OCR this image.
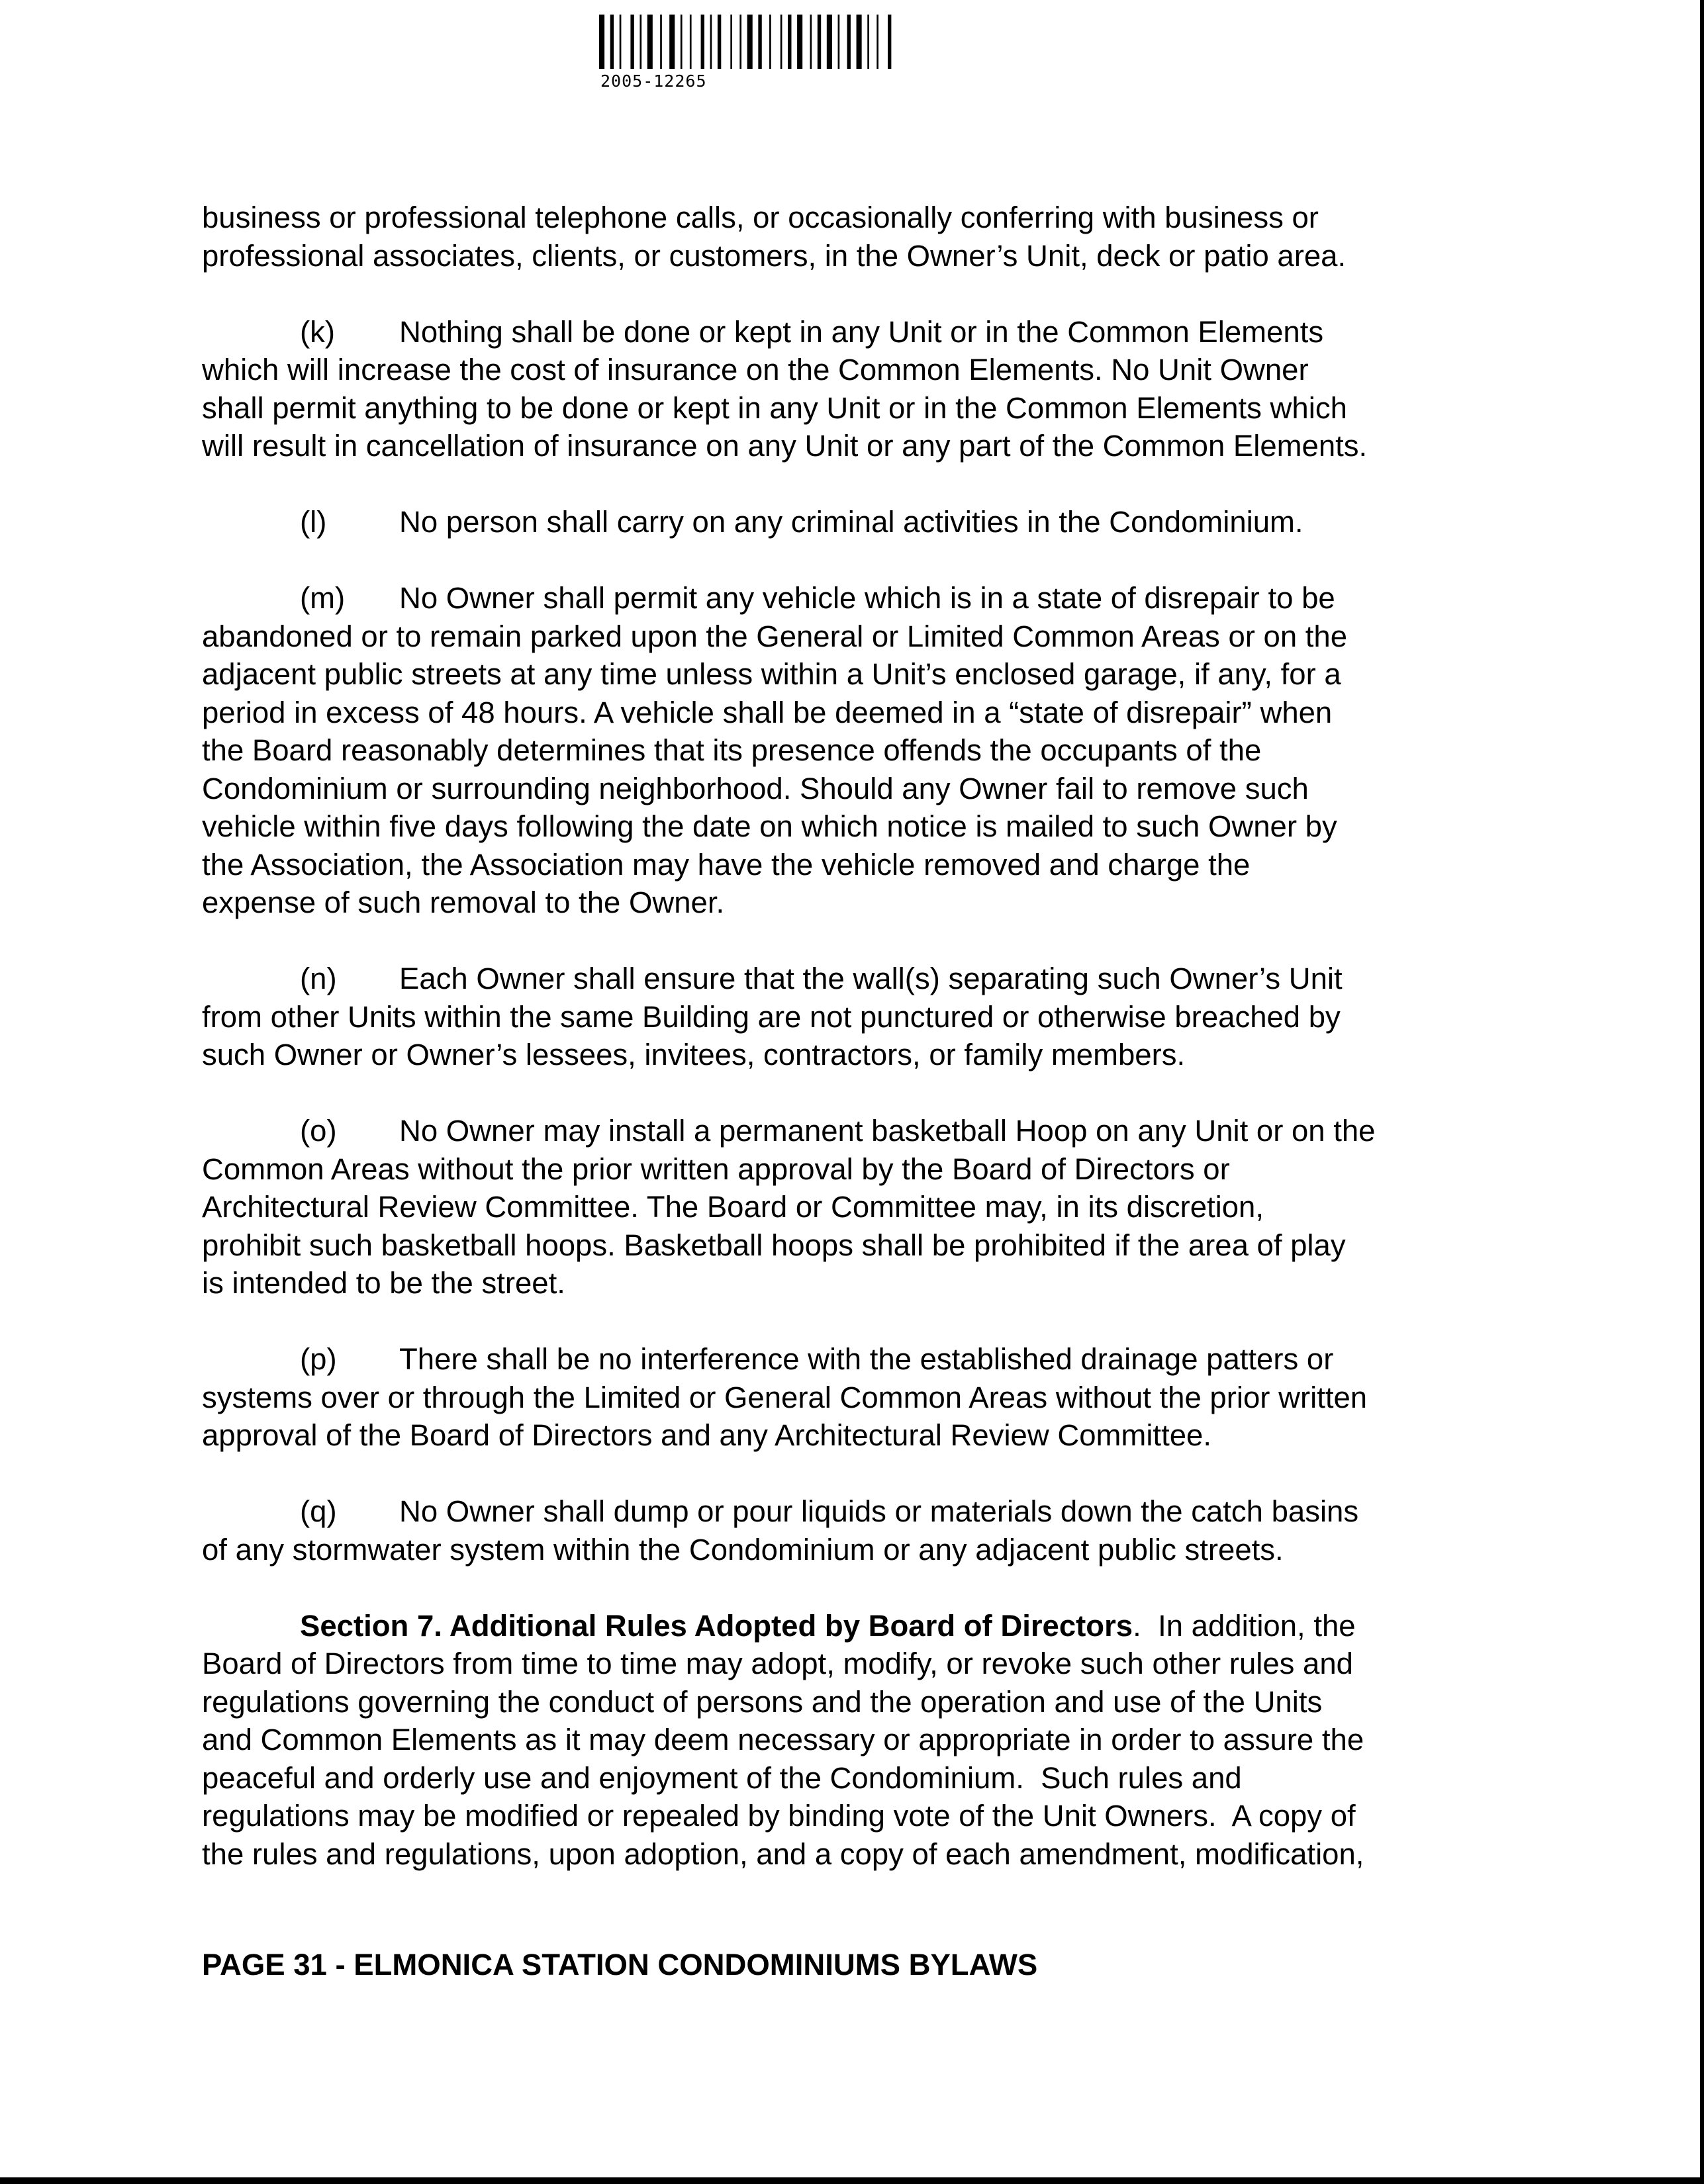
2005-12265

business or professional telephone calls, or occasionally conferring with business or
professional associates, clients, or customers, in the Owner’s Unit, deck or patio area.

(k) Nothing shall be done or kept in any Unit or in the Common Elements
which will increase the cost of insurance on the Common Elements. No Unit Owner
shall permit anything to be done or kept in any Unit or in the Common Elements which
will result in cancellation of insurance on any Unit or any part of the Common Elements.

(l) No person shall carry on any criminal activities in the Condominium.

(m) No Owner shall permit any vehicle which is in a state of disrepair to be
abandoned or to remain parked upon the General or Limited Common Areas or on the
adjacent public streets at any time unless within a Unit’s enclosed garage, if any, for a
period in excess of 48 hours. A vehicle shall be deemed in a “state of disrepair” when
the Board reasonably determines that its presence offends the occupants of the
Condominium or surrounding neighborhood. Should any Owner fail to remove such
vehicle within five days following the date on which notice is mailed to such Owner by
the Association, the Association may have the vehicle removed and charge the
expense of such removal to the Owner.

(n) Each Owner shall ensure that the wall(s) separating such Owner’s Unit
from other Units within the same Building are not punctured or otherwise breached by
such Owner or Owner’s lessees, invitees, contractors, or family members.

(o) No Owner may install a permanent basketball Hoop on any Unit or on the
Common Areas without the prior written approval by the Board of Directors or
Architectural Review Committee. The Board or Committee may, in its discretion,
prohibit such basketball hoops. Basketball hoops shall be prohibited if the area of play
is intended to be the street.

(p) There shall be no interference with the established drainage patters or
systems over or through the Limited or General Common Areas without the prior written
approval of the Board of Directors and any Architectural Review Committee.

(q) No Owner shall dump or pour liquids or materials down the catch basins
of any stormwater system within the Condominium or any adjacent public streets.

Section 7. Additional Rules Adopted by Board of Directors.  In addition, the
Board of Directors from time to time may adopt, modify, or revoke such other rules and
regulations governing the conduct of persons and the operation and use of the Units
and Common Elements as it may deem necessary or appropriate in order to assure the
peaceful and orderly use and enjoyment of the Condominium.  Such rules and
regulations may be modified or repealed by binding vote of the Unit Owners.  A copy of
the rules and regulations, upon adoption, and a copy of each amendment, modification,

PAGE 31 - ELMONICA STATION CONDOMINIUMS BYLAWS
